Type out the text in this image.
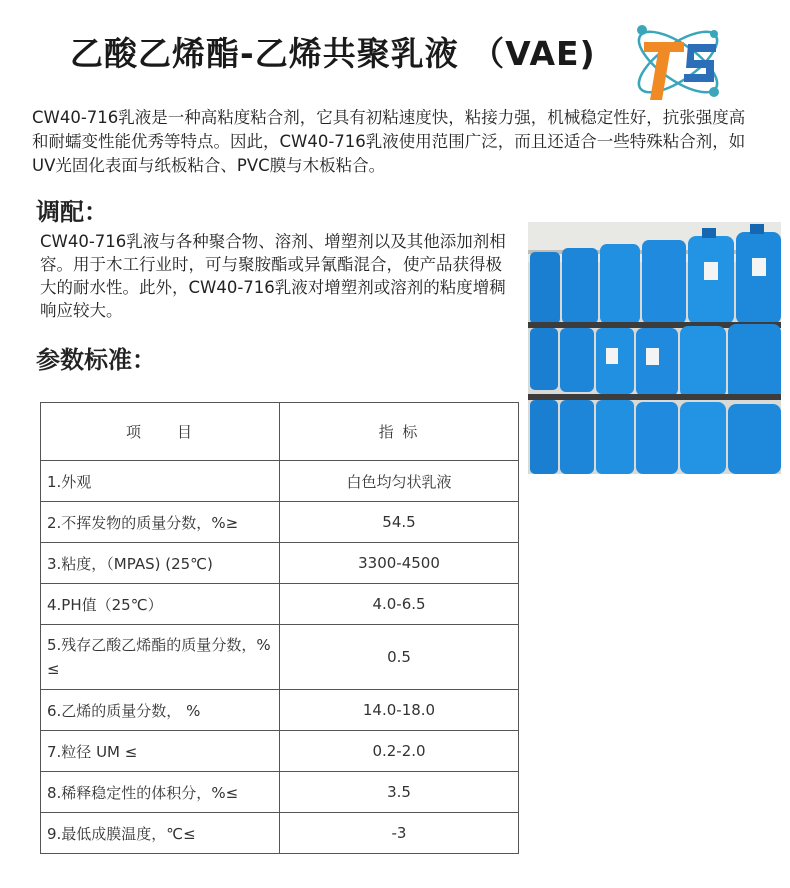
乙酸乙烯酯-乙烯共聚乳液 （VAE)
CW40-716乳液是一种高粘度粘合剂，它具有初粘速度快，粘接力强，机械稳定性好，抗张强度高和耐蠕变性能优秀等特点。因此，CW40-716乳液使用范围广泛，而且还适合一些特殊粘合剂，如UV光固化表面与纸板粘合、PVC膜与木板粘合。
调配：
CW40-716乳液与各种聚合物、溶剂、增塑剂以及其他添加剂相容。用于木工行业时，可与聚胺酯或异氰酯混合，使产品获得极大的耐水性。此外，CW40-716乳液对增塑剂或溶剂的粘度增稠响应较大。
参数标准：
项　　目	指 标
1.外观	白色均匀状乳液
2.不挥发物的质量分数，%≥	54.5
3.粘度，（MPAS) (25℃)	3300-4500
4.PH值（25℃）	4.0-6.5
5.残存乙酸乙烯酯的质量分数，% ≤	0.5
6.乙烯的质量分数， %	14.0-18.0
7.粒径 UM ≤	0.2-2.0
8.稀释稳定性的体积分，%≤	3.5
9.最低成膜温度，℃≤	-3
